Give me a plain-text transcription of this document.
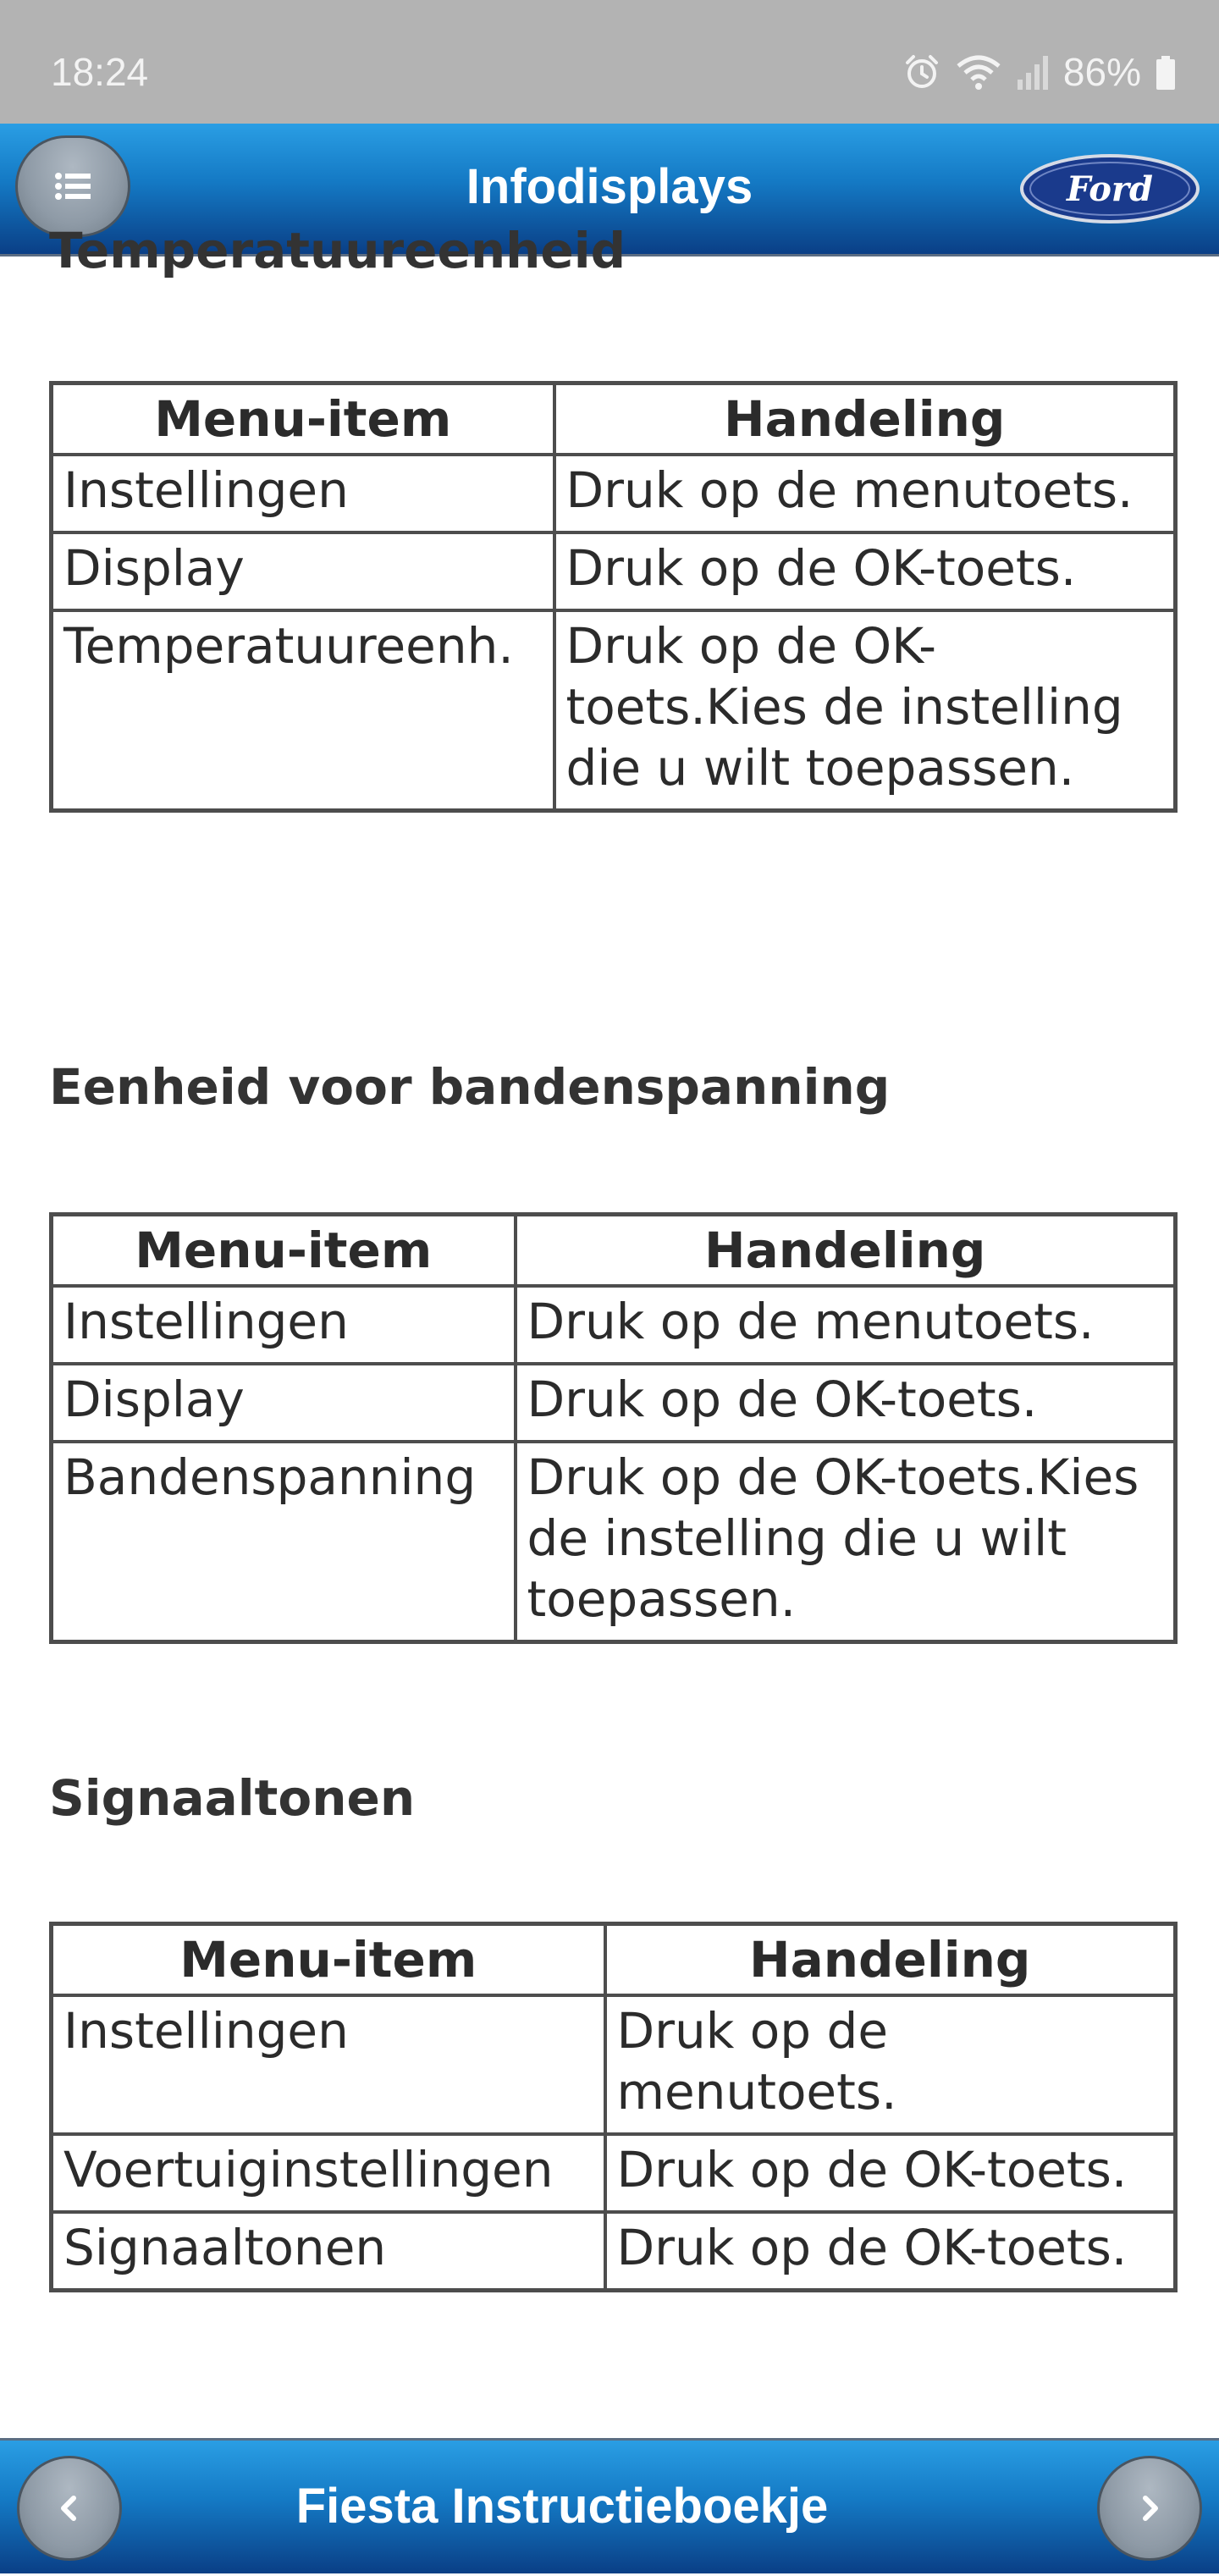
18:24	86%
Infodisplays	Ford
Temperatuureenheid
Menu-item	Handeling
Instellingen	Druk op de menutoets.
Display	Druk op de OK-toets.
Temperatuureenh.	Druk op de OK-toets.Kies de instelling die u wilt toepassen.
Eenheid voor bandenspanning
Menu-item	Handeling
Instellingen	Druk op de menutoets.
Display	Druk op de OK-toets.
Bandenspanning	Druk op de OK-toets.Kies de instelling die u wilt toepassen.
Signaaltonen
Menu-item	Handeling
Instellingen	Druk op de menutoets.
Voertuiginstellingen	Druk op de OK-toets.
Signaaltonen	Druk op de OK-toets.
Fiesta Instructieboekje
